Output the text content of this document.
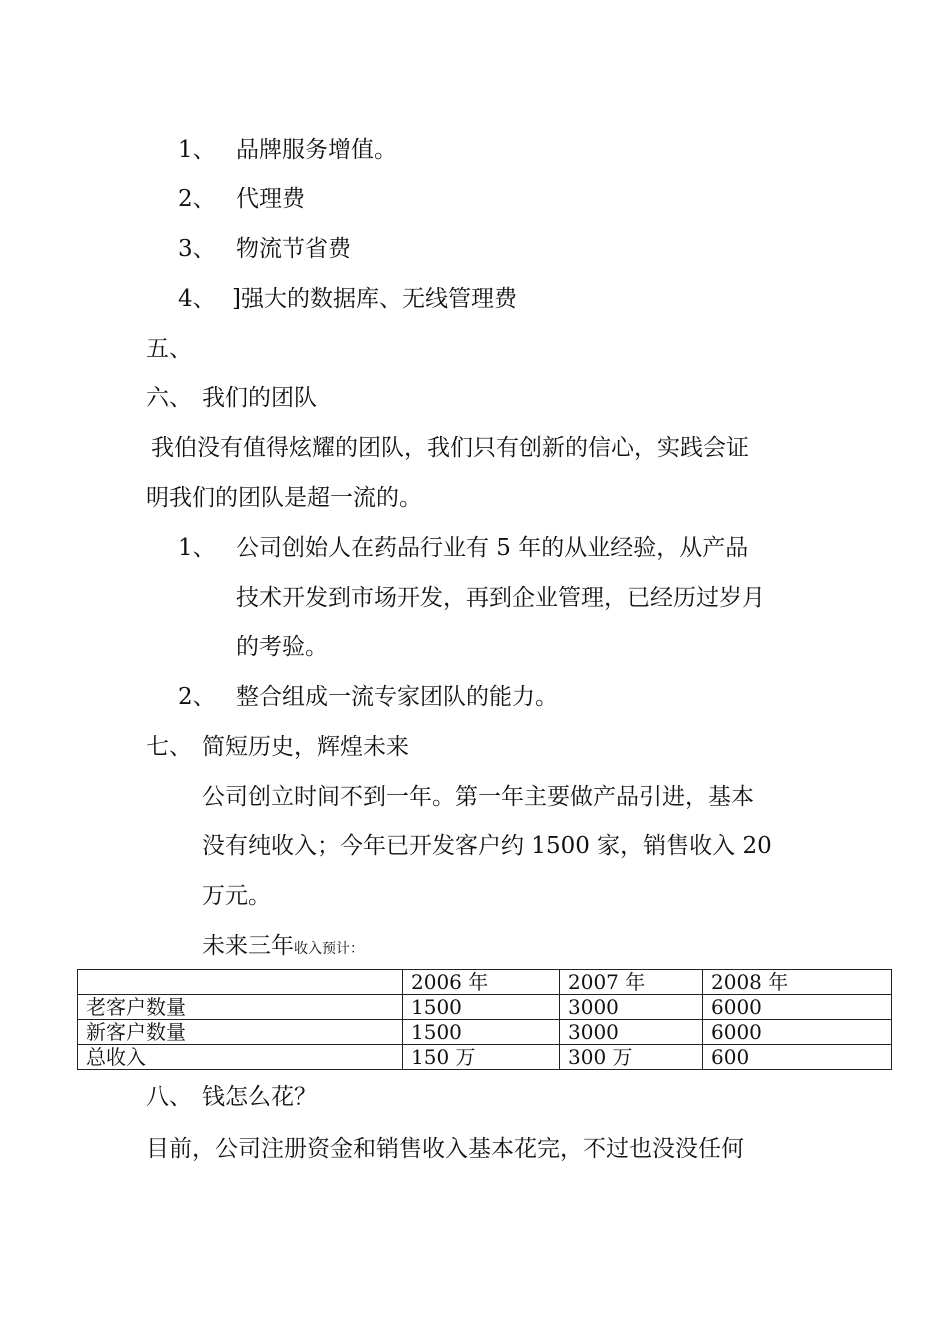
1、 品牌服务增值。
2、 代理费
3、 物流节省费
4、 ]强大的数据库、无线管理费
五、
六、 我们的团队
我伯没有值得炫耀的团队，我们只有创新的信心，实践会证
明我们的团队是超一流的。
1、 公司创始人在药品行业有 5 年的从业经验，从产品
技术开发到市场开发，再到企业管理，已经历过岁月
的考验。
2、 整合组成一流专家团队的能力。
七、 简短历史，辉煌未来
公司创立时间不到一年。第一年主要做产品引进，基本
没有纯收入；今年已开发客户约 1500 家，销售收入 20
万元。
未来三年收入预计：
	2006 年	2007 年	2008 年
老客户数量	1500	3000	6000
新客户数量	1500	3000	6000
总收入	150 万	300 万	600
八、 钱怎么花？
目前，公司注册资金和销售收入基本花完，不过也没没任何
